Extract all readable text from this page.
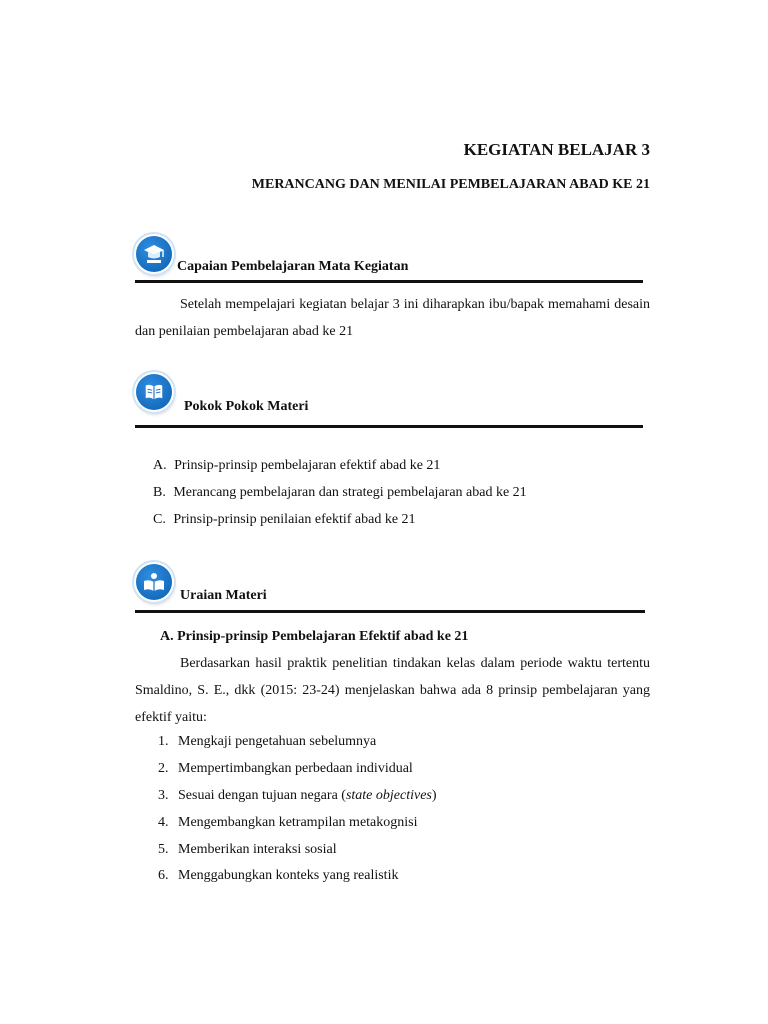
KEGIATAN BELAJAR 3
MERANCANG DAN MENILAI PEMBELAJARAN ABAD KE 21
Capaian Pembelajaran Mata Kegiatan
Setelah mempelajari kegiatan belajar 3 ini diharapkan ibu/bapak memahami desain dan penilaian pembelajaran abad ke 21
Pokok Pokok Materi
A. Prinsip-prinsip pembelajaran efektif abad ke 21
B. Merancang pembelajaran dan strategi pembelajaran abad ke 21
C. Prinsip-prinsip penilaian efektif abad ke 21
Uraian Materi
A. Prinsip-prinsip Pembelajaran Efektif abad ke 21
Berdasarkan hasil praktik penelitian tindakan kelas dalam periode waktu tertentu Smaldino, S. E., dkk (2015: 23-24) menjelaskan bahwa ada 8 prinsip pembelajaran yang efektif yaitu:
1. Mengkaji pengetahuan sebelumnya
2. Mempertimbangkan perbedaan individual
3. Sesuai dengan tujuan negara (state objectives)
4. Mengembangkan ketrampilan metakognisi
5. Memberikan interaksi sosial
6. Menggabungkan konteks yang realistik
